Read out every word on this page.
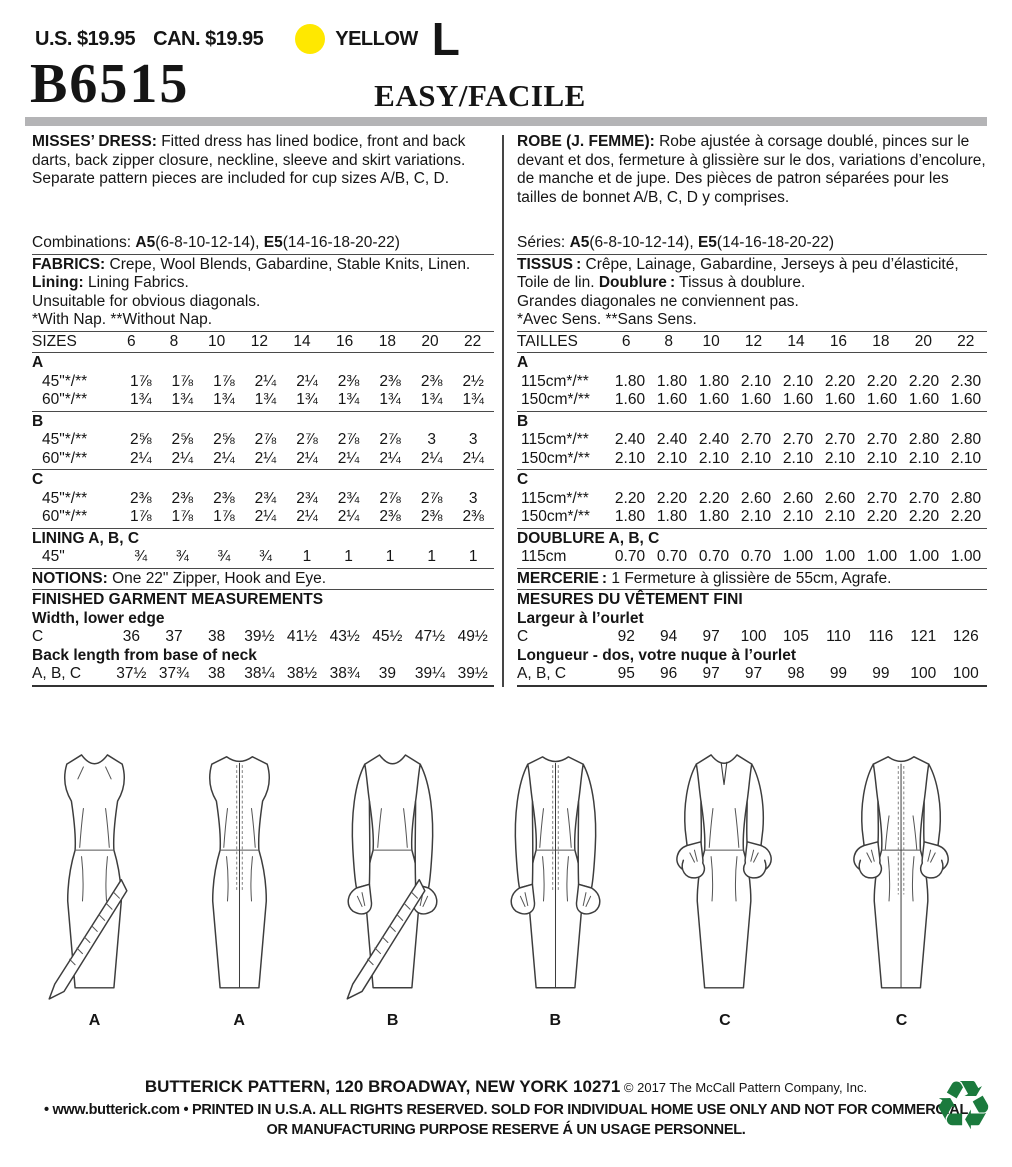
U.S. $19.95 CAN. $19.95	YELLOW L
B6515	EASY/FACILE
MISSES’ DRESS: Fitted dress has lined bodice, front and back darts, back zipper closure, neckline, sleeve and skirt variations. Separate pattern pieces are included for cup sizes A/B, C, D.
Combinations: A5(6-8-10-12-14), E5(14-16-18-20-22)
FABRICS: Crepe, Wool Blends, Gabardine, Stable Knits, Linen.
Lining: Lining Fabrics.
Unsuitable for obvious diagonals.
*With Nap. **Without Nap.
SIZES	6	8	10	12	14	16	18	20	22
A
45"*/**	1⅞	1⅞	1⅞	2¼	2¼	2⅜	2⅜	2⅜	2½
60"*/**	1¾	1¾	1¾	1¾	1¾	1¾	1¾	1¾	1¾
B
45"*/**	2⅝	2⅝	2⅝	2⅞	2⅞	2⅞	2⅞	3	3
60"*/**	2¼	2¼	2¼	2¼	2¼	2¼	2¼	2¼	2¼
C
45"*/**	2⅜	2⅜	2⅜	2¾	2¾	2¾	2⅞	2⅞	3
60"*/**	1⅞	1⅞	1⅞	2¼	2¼	2¼	2⅜	2⅜	2⅜
LINING A, B, C
45"	¾	¾	¾	¾	1	1	1	1	1
NOTIONS: One 22" Zipper, Hook and Eye.
FINISHED GARMENT MEASUREMENTS
Width, lower edge
C	36	37	38	39½ 41½ 43½ 45½ 47½ 49½
Back length from base of neck
A, B, C	37½ 37¾	38	38¼ 38½ 38¾	39	39¼ 39½
ROBE (J. FEMME): Robe ajustée à corsage doublé, pinces sur le devant et dos, fermeture à glissière sur le dos, variations d’encolure, de manche et de jupe. Des pièces de patron séparées pour les tailles de bonnet A/B, C, D y comprises.
Séries: A5(6-8-10-12-14), E5(14-16-18-20-22)
TISSUS : Crêpe, Lainage, Gabardine, Jerseys à peu d’élasticité, Toile de lin. Doublure : Tissus à doublure.
Grandes diagonales ne conviennent pas.
*Avec Sens. **Sans Sens.
TAILLES	6	8	10	12	14	16	18	20	22
A
115cm*/**	1.80 1.80 1.80 2.10 2.10 2.20 2.20 2.20 2.30
150cm*/**	1.60 1.60 1.60 1.60 1.60 1.60 1.60 1.60 1.60
B
115cm*/**	2.40 2.40 2.40 2.70 2.70 2.70 2.70 2.80 2.80
150cm*/**	2.10 2.10 2.10 2.10 2.10 2.10 2.10 2.10 2.10
C
115cm*/**	2.20 2.20 2.20 2.60 2.60 2.60 2.70 2.70 2.80
150cm*/**	1.80 1.80 1.80 2.10 2.10 2.10 2.20 2.20 2.20
DOUBLURE A, B, C
115cm	0.70 0.70 0.70 0.70 1.00 1.00 1.00 1.00 1.00
MERCERIE : 1 Fermeture à glissière de 55cm, Agrafe.
MESURES DU VÊTEMENT FINI
Largeur à l’ourlet
C	92	94	97	100	105	110	116	121	126
Longueur - dos, votre nuque à l’ourlet
A, B, C	95	96	97	97	98	99	99	100	100
A	A	B	B	C	C
BUTTERICK PATTERN, 120 BROADWAY, NEW YORK 10271 © 2017 The McCall Pattern Company, Inc.
• www.butterick.com • PRINTED IN U.S.A. ALL RIGHTS RESERVED. SOLD FOR INDIVIDUAL HOME USE ONLY AND NOT FOR COMMERCIAL
OR MANUFACTURING PURPOSE RESERVE Á UN USAGE PERSONNEL.	♻
